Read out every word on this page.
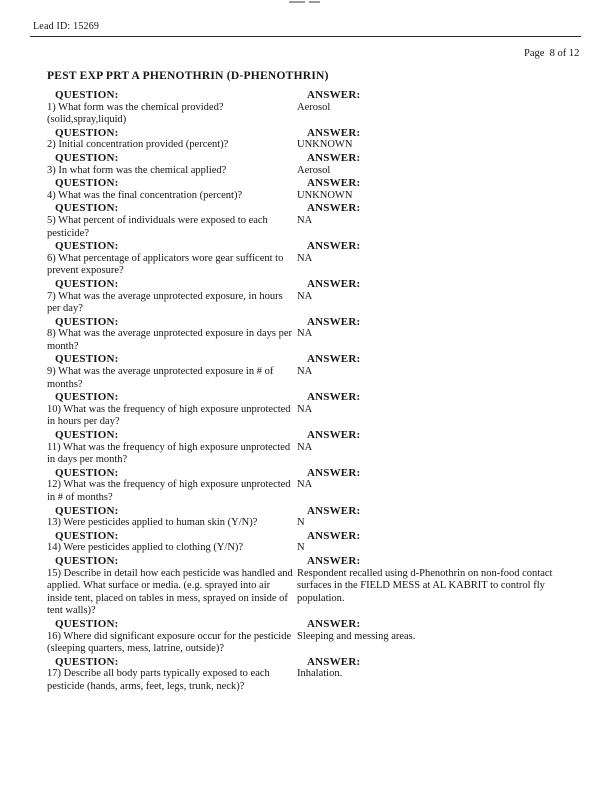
Lead ID: 15269
Page  8 of 12
PEST EXP PRT A PHENOTHRIN (D-PHENOTHRIN)
QUESTION:
1) What form was the chemical provided?(solid,spray,liquid)
ANSWER:
Aerosol
QUESTION:
2) Initial concentration provided (percent)?
ANSWER:
UNKNOWN
QUESTION:
3) In what form was the chemical applied?
ANSWER:
Aerosol
QUESTION:
4) What was the final concentration (percent)?
ANSWER:
UNKNOWN
QUESTION:
5) What percent of individuals were exposed to each pesticide?
ANSWER:
NA
QUESTION:
6) What percentage of applicators wore gear sufficent to prevent exposure?
ANSWER:
NA
QUESTION:
7) What was the average unprotected exposure, in hours per day?
ANSWER:
NA
QUESTION:
8) What was the average unprotected exposure in days per month?
ANSWER:
NA
QUESTION:
9) What was the average unprotected exposure in # of months?
ANSWER:
NA
QUESTION:
10) What was the frequency of high exposure unprotected in hours per day?
ANSWER:
NA
QUESTION:
11) What was the frequency of high exposure unprotected in days per month?
ANSWER:
NA
QUESTION:
12) What was the frequency of high exposure unprotected in # of months?
ANSWER:
NA
QUESTION:
13) Were pesticides applied to human skin (Y/N)?
ANSWER:
N
QUESTION:
14) Were pesticides applied to clothing (Y/N)?
ANSWER:
N
QUESTION:
15) Describe in detail how each pesticide was handled and applied. What surface or media. (e.g. sprayed into air inside tent, placed on tables in mess, sprayed on inside of tent walls)?
ANSWER:
Respondent recalled using d-Phenothrin on non-food contact surfaces in the FIELD MESS at AL KABRIT to control fly population.
QUESTION:
16) Where did significant exposure occur for the pesticide (sleeping quarters, mess, latrine, outside)?
ANSWER:
Sleeping and messing areas.
QUESTION:
17) Describe all body parts typically exposed to each pesticide (hands, arms, feet, legs, trunk, neck)?
ANSWER:
Inhalation.
